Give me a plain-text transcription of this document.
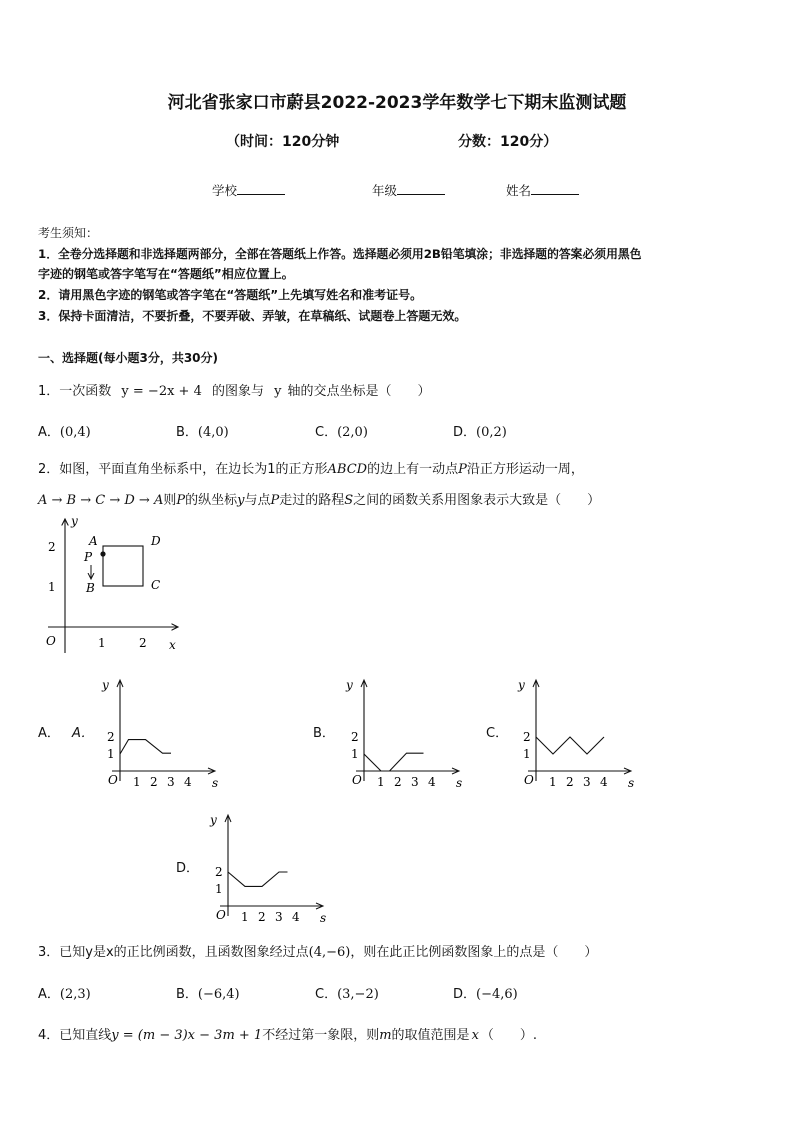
河北省张家口市蔚县2022-2023学年数学七下期末监测试题
（时间：120分钟	分数：120分）
学校	年级	姓名
考生须知：
1．全卷分选择题和非选择题两部分，全部在答题纸上作答。选择题必须用2B铅笔填涂；非选择题的答案必须用黑色
字迹的钢笔或答字笔写在“答题纸”相应位置上。
2．请用黑色字迹的钢笔或答字笔在“答题纸”上先填写姓名和准考证号。
3．保持卡面清洁，不要折叠，不要弄破、弄皱，在草稿纸、试题卷上答题无效。
一、选择题(每小题3分，共30分)
1．一次函数 y = −2x + 4 的图象与 y 轴的交点坐标是（　　）
A．(0,4)	B．(4,0)	C．(2,0)	D．(0,2)
2．如图，平面直角坐标系中，在边长为1的正方形ABCD的边上有一动点P沿正方形运动一周，
A → B → C → D → A则P的纵坐标y与点P走过的路程S之间的函数关系用图象表示大致是（　　）
y
x
O	1	2
1
2	A
P
B	C
D
A． A．	B．	C．
D．
y
s
O 1 2 3 4
1
2
y
s
O 1 2 3 4
1
2
y
s
O 1 2 3 4
1
2
y
s
O 1 2 3 4
1
2
3．已知y是x的正比例函数，且函数图象经过点(4,−6)，则在此正比例函数图象上的点是（　　）
A．(2,3)	B．(−6,4)	C．(3,−2)	D．(−4,6)
4．已知直线y = (m − 3)x − 3m + 1不经过第一象限，则m的取值范围是 x （　　）.
